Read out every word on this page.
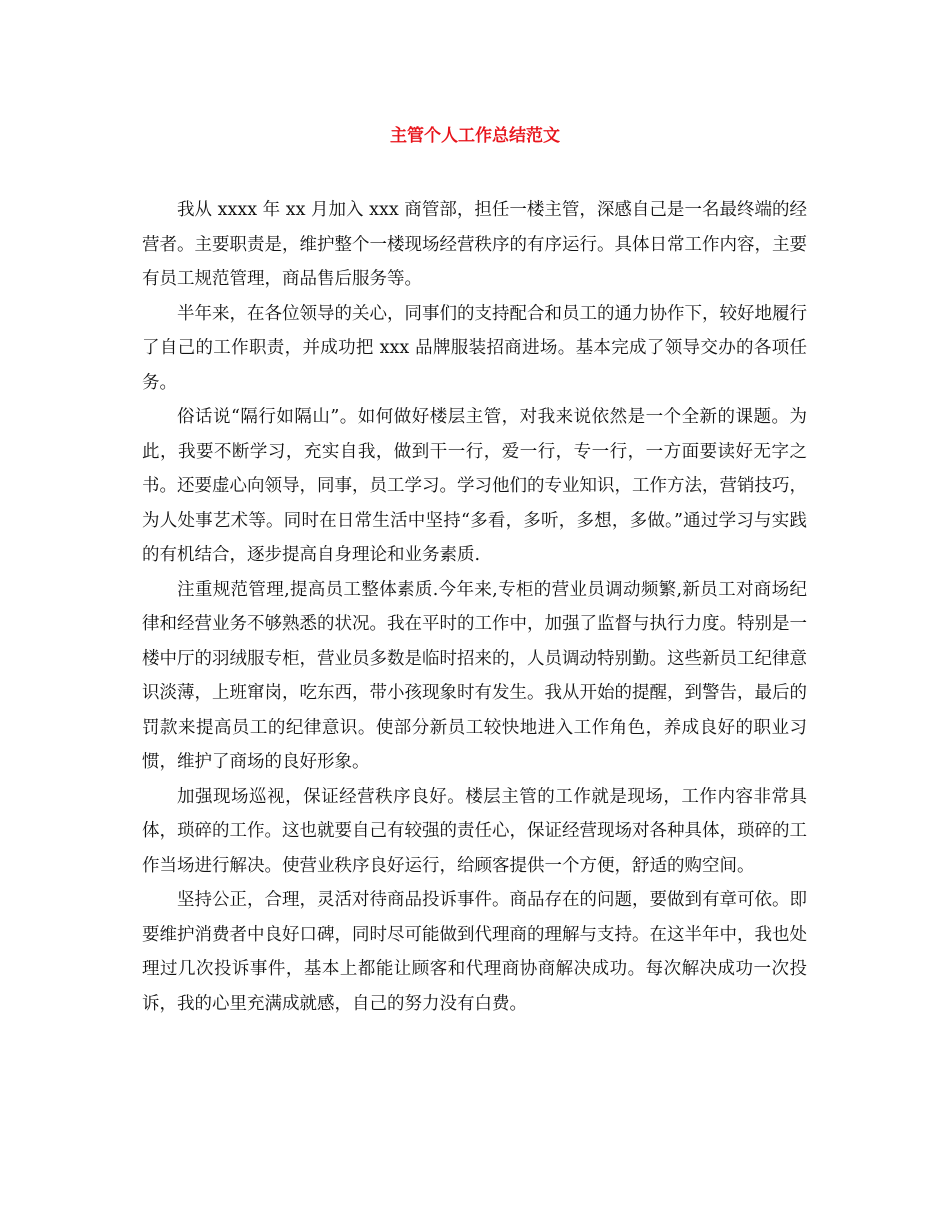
主管个人工作总结范文

我从 xxxx 年 xx 月加入 xxx 商管部，担任一楼主管，深感自己是一名最终端的经营者。主要职责是，维护整个一楼现场经营秩序的有序运行。具体日常工作内容，主要有员工规范管理，商品售后服务等。

半年来，在各位领导的关心，同事们的支持配合和员工的通力协作下，较好地履行了自己的工作职责，并成功把 xxx 品牌服装招商进场。基本完成了领导交办的各项任务。

俗话说“隔行如隔山”。如何做好楼层主管，对我来说依然是一个全新的课题。为此，我要不断学习，充实自我，做到干一行，爱一行，专一行，一方面要读好无字之书。还要虚心向领导，同事，员工学习。学习他们的专业知识，工作方法，营销技巧，为人处事艺术等。同时在日常生活中坚持“多看，多听，多想，多做。”通过学习与实践的有机结合，逐步提高自身理论和业务素质.

注重规范管理,提高员工整体素质.今年来,专柜的营业员调动频繁,新员工对商场纪律和经营业务不够熟悉的状况。我在平时的工作中，加强了监督与执行力度。特别是一楼中厅的羽绒服专柜，营业员多数是临时招来的，人员调动特别勤。这些新员工纪律意识淡薄，上班窜岗，吃东西，带小孩现象时有发生。我从开始的提醒，到警告，最后的罚款来提高员工的纪律意识。使部分新员工较快地进入工作角色，养成良好的职业习惯，维护了商场的良好形象。

加强现场巡视，保证经营秩序良好。楼层主管的工作就是现场，工作内容非常具体，琐碎的工作。这也就要自己有较强的责任心，保证经营现场对各种具体，琐碎的工作当场进行解决。使营业秩序良好运行，给顾客提供一个方便，舒适的购空间。

坚持公正，合理，灵活对待商品投诉事件。商品存在的问题，要做到有章可依。即要维护消费者中良好口碑，同时尽可能做到代理商的理解与支持。在这半年中，我也处理过几次投诉事件，基本上都能让顾客和代理商协商解决成功。每次解决成功一次投诉，我的心里充满成就感，自己的努力没有白费。
